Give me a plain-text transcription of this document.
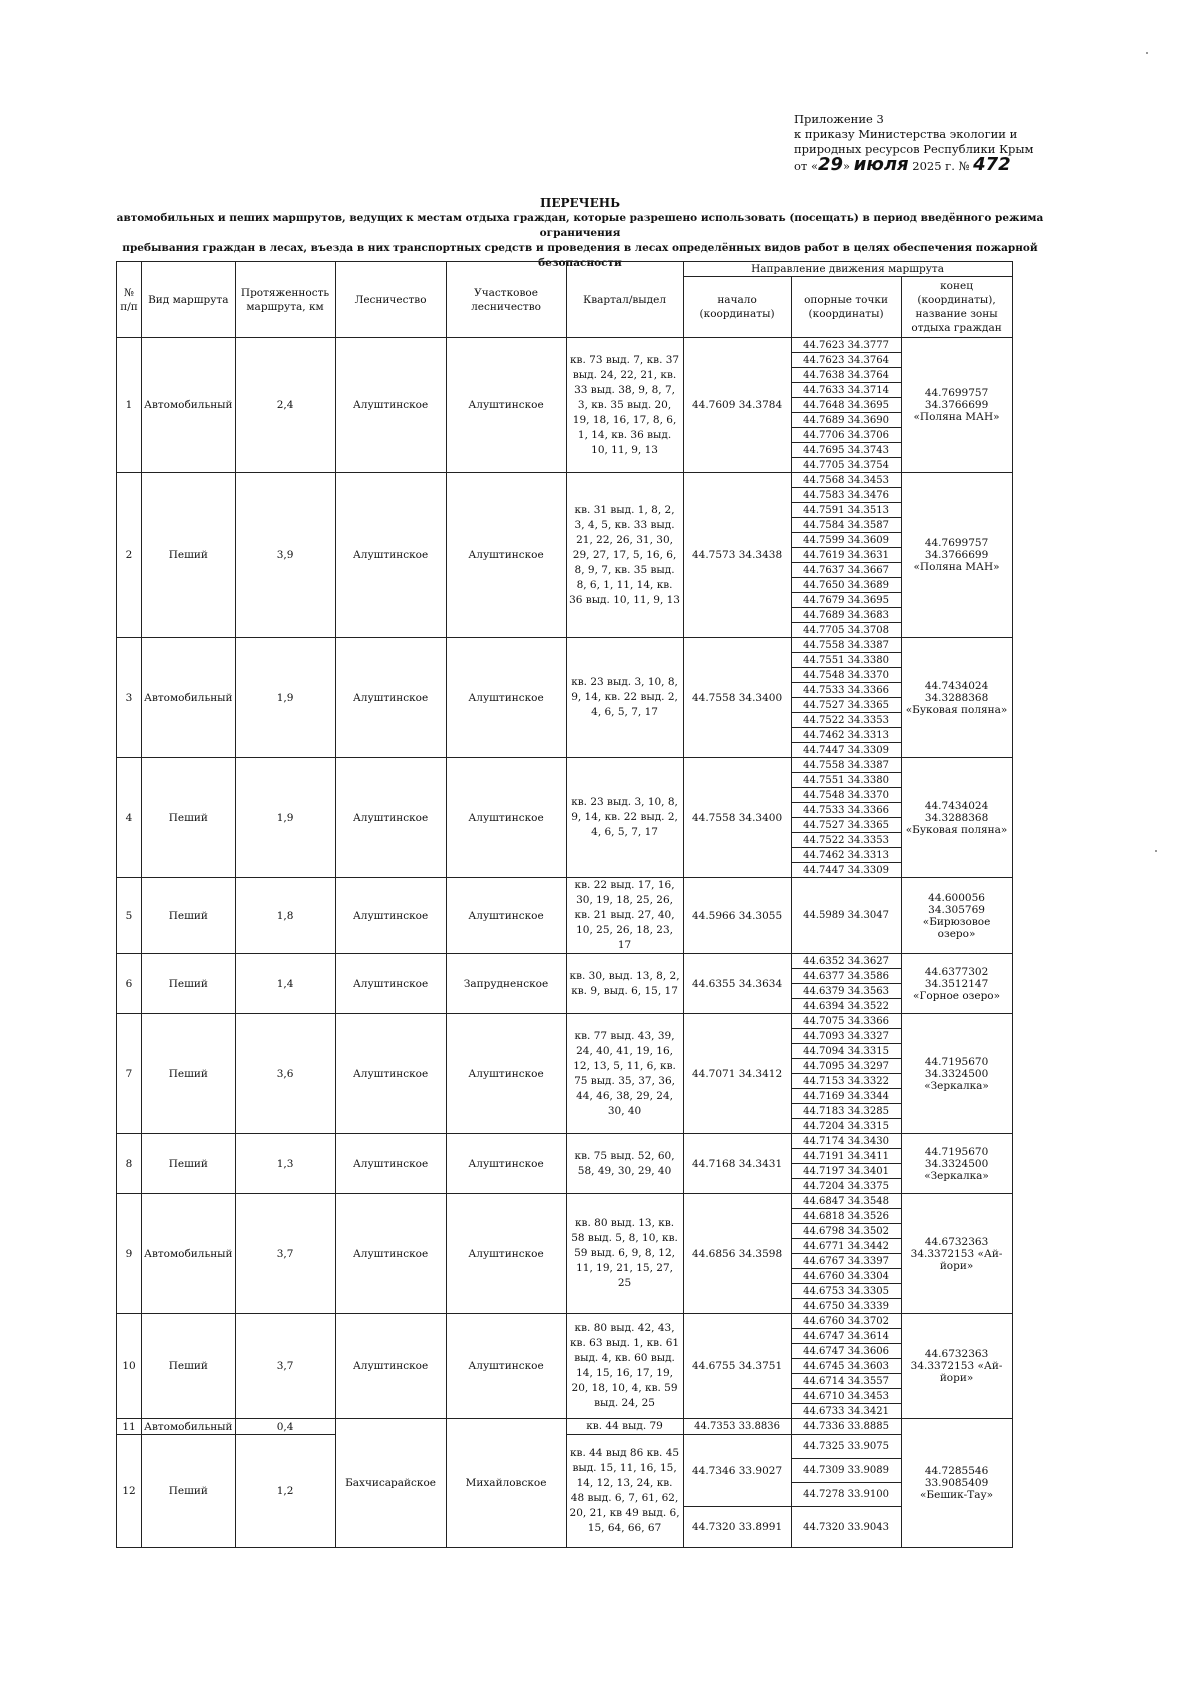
Приложение 3
к приказу Министерства экологии и
природных ресурсов Республики Крым
от «29» июля 2025 г. № 472
ПЕРЕЧЕНЬ
автомобильных и пеших маршрутов, ведущих к местам отдыха граждан, которые разрешено использовать (посещать) в период введённого режима ограничения
пребывания граждан в лесах, въезда в них транспортных средств и проведения в лесах определённых видов работ в целях обеспечения пожарной безопасности
№ п/п	Вид маршрута	Протяженность маршрута, км	Лесничество	Участковое лесничество	Квартал/выдел	Направление движения маршрута		
						начало (координаты)	опорные точки (координаты)	конец (координаты), название зоны отдыха граждан
1	Автомобильный	2,4	Алуштинское	Алуштинское	кв. 73 выд. 7, кв. 37 выд. 24, 22, 21, кв. 33 выд. 38, 9, 8, 7, 3, кв. 35 выд. 20, 19, 18, 16, 17, 8, 6, 1, 14, кв. 36 выд. 10, 11, 9, 13	44.7609 34.3784	44.7623 34.3777	44.7699757 34.3766699 «Поляна МАН»
							44.7623 34.3764	
							44.7638 34.3764	
							44.7633 34.3714	
							44.7648 34.3695	
							44.7689 34.3690	
							44.7706 34.3706	
							44.7695 34.3743	
							44.7705 34.3754	
2	Пеший	3,9	Алуштинское	Алуштинское	кв. 31 выд. 1, 8, 2, 3, 4, 5, кв. 33 выд. 21, 22, 26, 31, 30, 29, 27, 17, 5, 16, 6, 8, 9, 7, кв. 35 выд. 8, 6, 1, 11, 14, кв. 36 выд. 10, 11, 9, 13	44.7573 34.3438	44.7568 34.3453	44.7699757 34.3766699 «Поляна МАН»
							44.7583 34.3476	
							44.7591 34.3513	
							44.7584 34.3587	
							44.7599 34.3609	
							44.7619 34.3631	
							44.7637 34.3667	
							44.7650 34.3689	
							44.7679 34.3695	
							44.7689 34.3683	
							44.7705 34.3708	
3	Автомобильный	1,9	Алуштинское	Алуштинское	кв. 23 выд. 3, 10, 8, 9, 14, кв. 22 выд. 2, 4, 6, 5, 7, 17	44.7558 34.3400	44.7558 34.3387	44.7434024 34.3288368 «Буковая поляна»
							44.7551 34.3380	
							44.7548 34.3370	
							44.7533 34.3366	
							44.7527 34.3365	
							44.7522 34.3353	
							44.7462 34.3313	
							44.7447 34.3309	
4	Пеший	1,9	Алуштинское	Алуштинское	кв. 23 выд. 3, 10, 8, 9, 14, кв. 22 выд. 2, 4, 6, 5, 7, 17	44.7558 34.3400	44.7558 34.3387	44.7434024 34.3288368 «Буковая поляна»
							44.7551 34.3380	
							44.7548 34.3370	
							44.7533 34.3366	
							44.7527 34.3365	
							44.7522 34.3353	
							44.7462 34.3313	
							44.7447 34.3309	
5	Пеший	1,8	Алуштинское	Алуштинское	кв. 22 выд. 17, 16, 30, 19, 18, 25, 26, кв. 21 выд. 27, 40, 10, 25, 26, 18, 23, 17	44.5966 34.3055	44.5989 34.3047	44.600056 34.305769 «Бирюзовое озеро»
6	Пеший	1,4	Алуштинское	Запрудненское	кв. 30, выд. 13, 8, 2, кв. 9, выд. 6, 15, 17	44.6355 34.3634	44.6352 34.3627	44.6377302 34.3512147 «Горное озеро»
							44.6377 34.3586	
							44.6379 34.3563	
							44.6394 34.3522	
7	Пеший	3,6	Алуштинское	Алуштинское	кв. 77 выд. 43, 39, 24, 40, 41, 19, 16, 12, 13, 5, 11, 6, кв. 75 выд. 35, 37, 36, 44, 46, 38, 29, 24, 30, 40	44.7071 34.3412	44.7075 34.3366	44.7195670 34.3324500 «Зеркалка»
							44.7093 34.3327	
							44.7094 34.3315	
							44.7095 34.3297	
							44.7153 34.3322	
							44.7169 34.3344	
							44.7183 34.3285	
							44.7204 34.3315	
8	Пеший	1,3	Алуштинское	Алуштинское	кв. 75 выд. 52, 60, 58, 49, 30, 29, 40	44.7168 34.3431	44.7174 34.3430	44.7195670 34.3324500 «Зеркалка»
							44.7191 34.3411	
							44.7197 34.3401	
							44.7204 34.3375	
9	Автомобильный	3,7	Алуштинское	Алуштинское	кв. 80 выд. 13, кв. 58 выд. 5, 8, 10, кв. 59 выд. 6, 9, 8, 12, 11, 19, 21, 15, 27, 25	44.6856 34.3598	44.6847 34.3548	44.6732363 34.3372153 «Ай-йори»
							44.6818 34.3526	
							44.6798 34.3502	
							44.6771 34.3442	
							44.6767 34.3397	
							44.6760 34.3304	
							44.6753 34.3305	
							44.6750 34.3339	
10	Пеший	3,7	Алуштинское	Алуштинское	кв. 80 выд. 42, 43, кв. 63 выд. 1, кв. 61 выд. 4, кв. 60 выд. 14, 15, 16, 17, 19, 20, 18, 10, 4, кв. 59 выд. 24, 25	44.6755 34.3751	44.6760 34.3702	44.6732363 34.3372153 «Ай-йори»
							44.6747 34.3614	
							44.6747 34.3606	
							44.6745 34.3603	
							44.6714 34.3557	
							44.6710 34.3453	
							44.6733 34.3421	
11	Автомобильный	0,4	Бахчисарайское	Михайловское	кв. 44 выд. 79	44.7353 33.8836	44.7336 33.8885	44.7285546 33.9085409 «Бешик-Тау»
12	Пеший	1,2			кв. 44 выд 86 кв. 45 выд. 15, 11, 16, 15, 14, 12, 13, 24, кв. 48 выд. 6, 7, 61, 62, 20, 21, кв 49 выд. 6, 15, 64, 66, 67	44.7346 33.9027	44.7325 33.9075	
							44.7309 33.9089	
							44.7278 33.9100	
						44.7320 33.8991	44.7320 33.9043	
